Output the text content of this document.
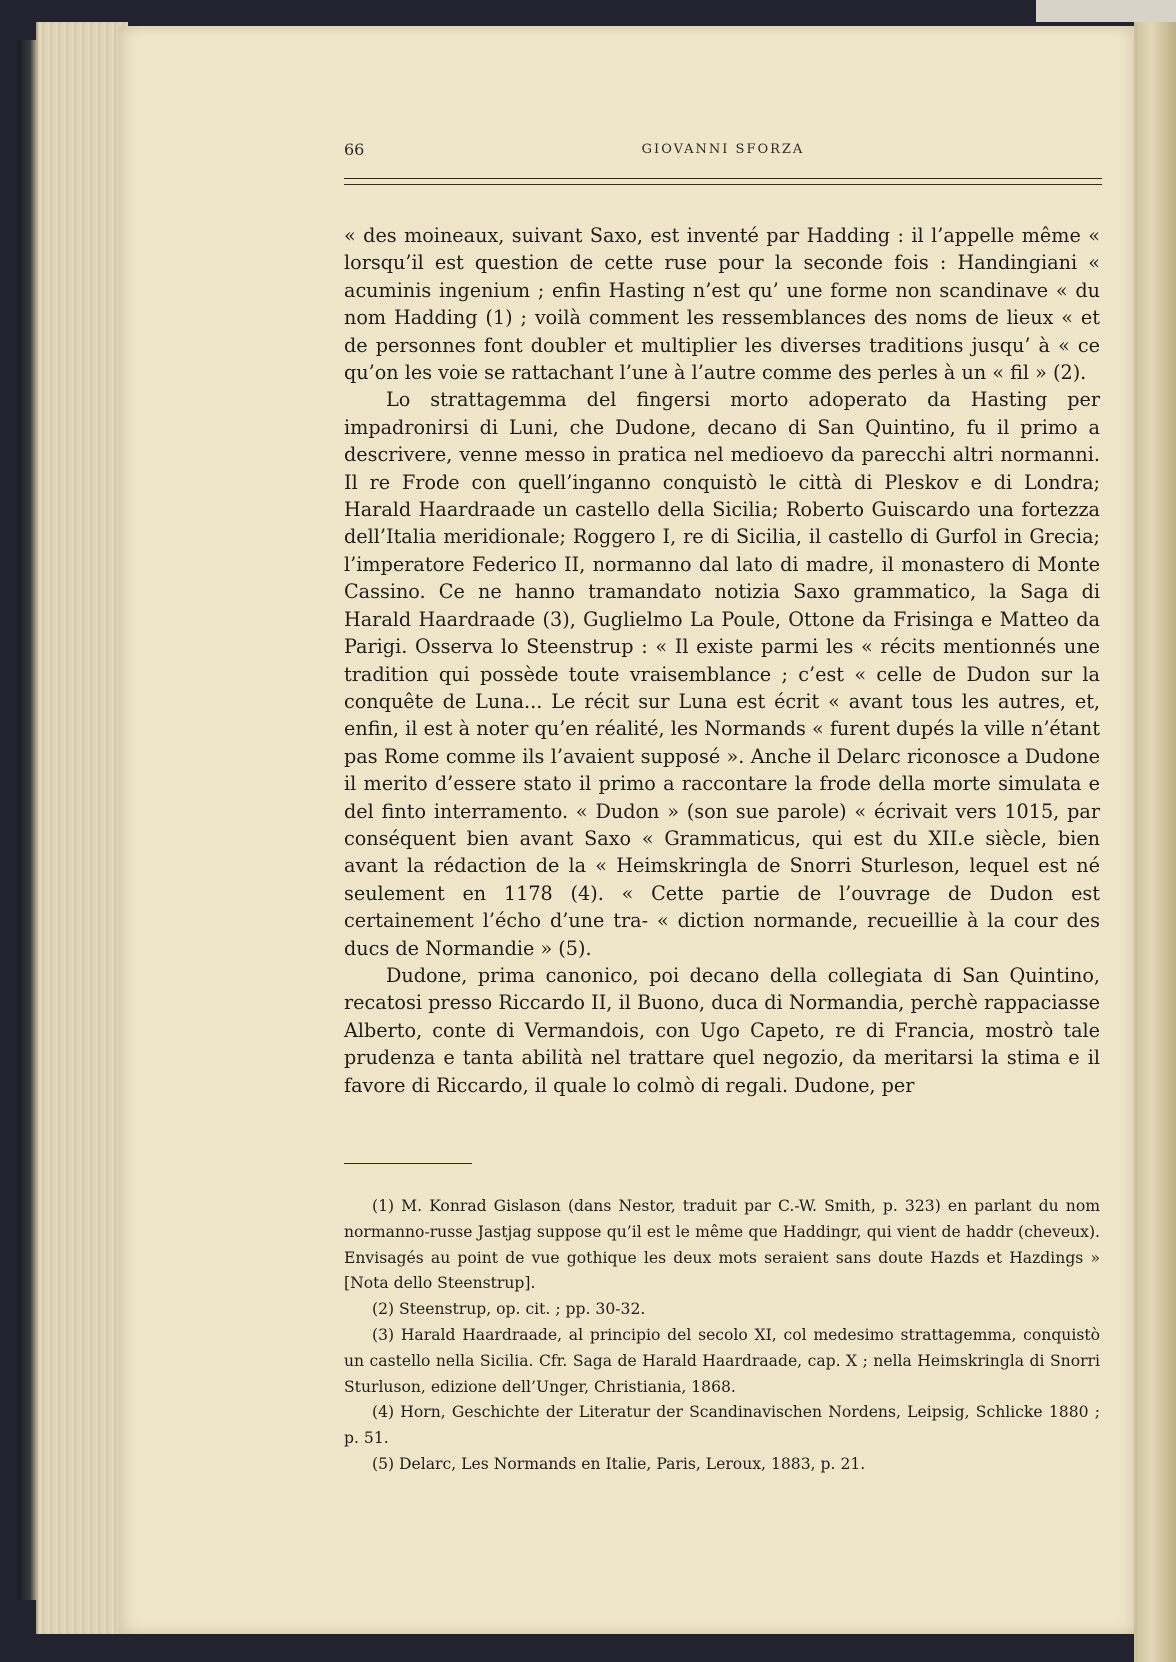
66	GIOVANNI SFORZA

« des moineaux, suivant Saxo, est inventé par Hadding : il l’appelle même « lorsqu’il est question de cette ruse pour la seconde fois : Handingiani « acuminis ingenium ; enfin Hasting n’est qu’ une forme non scandinave « du nom Hadding (1) ; voilà comment les ressemblances des noms de lieux « et de personnes font doubler et multiplier les diverses traditions jusqu’ à « ce qu’on les voie se rattachant l’une à l’autre comme des perles à un « fil » (2).

Lo strattagemma del fingersi morto adoperato da Hasting per impadronirsi di Luni, che Dudone, decano di San Quintino, fu il primo a descrivere, venne messo in pratica nel medioevo da parecchi altri normanni. Il re Frode con quell’inganno conquistò le città di Pleskov e di Londra; Harald Haardraade un castello della Sicilia; Roberto Guiscardo una fortezza dell’Italia meridionale; Roggero I, re di Sicilia, il castello di Gurfol in Grecia; l’imperatore Federico II, normanno dal lato di madre, il monastero di Monte Cassino. Ce ne hanno tramandato notizia Saxo grammatico, la Saga di Harald Haardraade (3), Guglielmo La Poule, Ottone da Frisinga e Matteo da Parigi. Osserva lo Steenstrup : « Il existe parmi les « récits mentionnés une tradition qui possède toute vraisemblance ; c’est « celle de Dudon sur la conquête de Luna... Le récit sur Luna est écrit « avant tous les autres, et, enfin, il est à noter qu’en réalité, les Normands « furent dupés la ville n’étant pas Rome comme ils l’avaient supposé ». Anche il Delarc riconosce a Dudone il merito d’essere stato il primo a raccontare la frode della morte simulata e del finto interramento. « Dudon » (son sue parole) « écrivait vers 1015, par conséquent bien avant Saxo « Grammaticus, qui est du XII.e siècle, bien avant la rédaction de la « Heimskringla de Snorri Sturleson, lequel est né seulement en 1178 (4). « Cette partie de l’ouvrage de Dudon est certainement l’écho d’une tra- « diction normande, recueillie à la cour des ducs de Normandie » (5).

Dudone, prima canonico, poi decano della collegiata di San Quintino, recatosi presso Riccardo II, il Buono, duca di Normandia, perchè rappaciasse Alberto, conte di Vermandois, con Ugo Capeto, re di Francia, mostrò tale prudenza e tanta abilità nel trattare quel negozio, da meritarsi la stima e il favore di Riccardo, il quale lo colmò di regali. Dudone, per

(1) M. Konrad Gislason (dans Nestor, traduit par C.-W. Smith, p. 323) en parlant du nom normanno-russe Jastjag suppose qu’il est le même que Haddingr, qui vient de haddr (cheveux). Envisagés au point de vue gothique les deux mots seraient sans doute Hazds et Hazdings » [Nota dello Steenstrup].

(2) Steenstrup, op. cit. ; pp. 30-32.

(3) Harald Haardraade, al principio del secolo XI, col medesimo strattagemma, conquistò un castello nella Sicilia. Cfr. Saga de Harald Haardraade, cap. X ; nella Heimskringla di Snorri Sturluson, edizione dell’Unger, Christiania, 1868.

(4) Horn, Geschichte der Literatur der Scandinavischen Nordens, Leipsig, Schlicke 1880 ; p. 51.

(5) Delarc, Les Normands en Italie, Paris, Leroux, 1883, p. 21.
